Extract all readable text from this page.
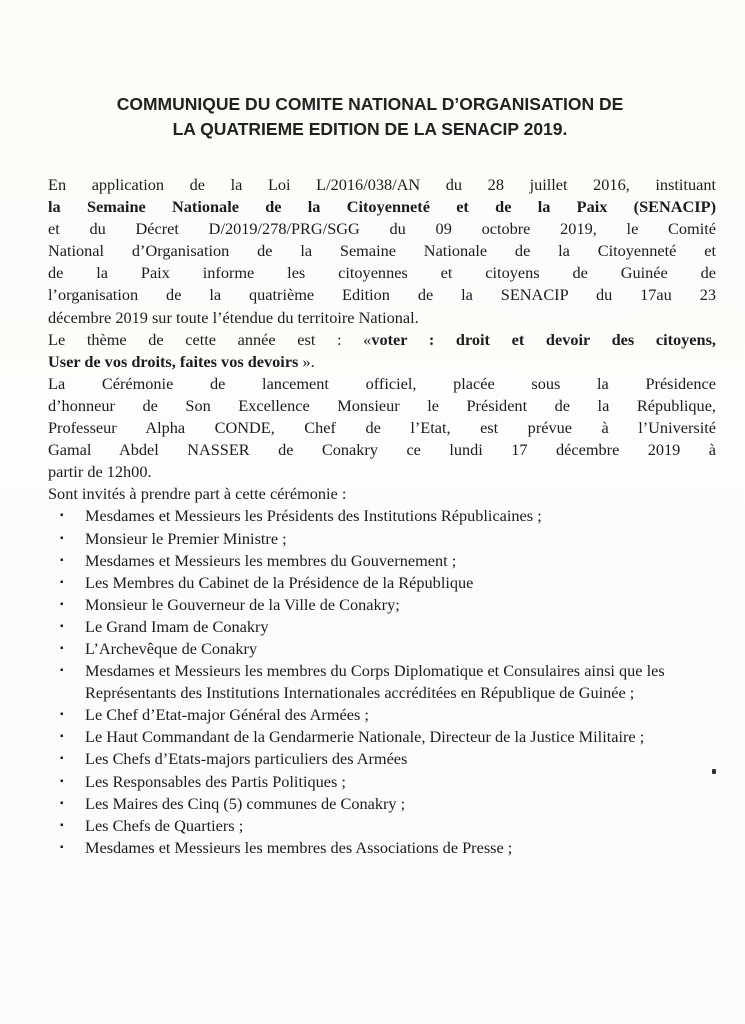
COMMUNIQUE DU COMITE NATIONAL D’ORGANISATION DE
LA QUATRIEME EDITION DE LA SENACIP 2019.
En application de la Loi L/2016/038/AN du 28 juillet 2016, instituant
la Semaine Nationale de la Citoyenneté et de la Paix (SENACIP)
et du Décret D/2019/278/PRG/SGG du 09 octobre 2019, le Comité
National d’Organisation de la Semaine Nationale de la Citoyenneté et
de la Paix informe les citoyennes et citoyens de Guinée de
l’organisation de la quatrième Edition de la SENACIP du 17au 23
décembre 2019 sur toute l’étendue du territoire National.
Le thème de cette année est : «voter : droit et devoir des citoyens,
User de vos droits, faites vos devoirs ».
La Cérémonie de lancement officiel, placée sous la Présidence
d’honneur de Son Excellence Monsieur le Président de la République,
Professeur Alpha CONDE, Chef de l’Etat, est prévue à l’Université
Gamal Abdel NASSER de Conakry ce lundi 17 décembre 2019 à
partir de 12h00.
Sont invités à prendre part à cette cérémonie :
▪ Mesdames et Messieurs les Présidents des Institutions Républicaines ;
▪ Monsieur le Premier Ministre ;
▪ Mesdames et Messieurs les membres du Gouvernement ;
▪ Les Membres du Cabinet de la Présidence de la République
▪ Monsieur le Gouverneur de la Ville de Conakry;
▪ Le Grand Imam de Conakry
▪ L’Archevêque de Conakry
▪ Mesdames et Messieurs les membres du Corps Diplomatique et Consulaires ainsi que les Représentants des Institutions Internationales accréditées en République de Guinée ;
▪ Le Chef d’Etat-major Général des Armées ;
▪ Le Haut Commandant de la Gendarmerie Nationale, Directeur de la Justice Militaire ;
▪ Les Chefs d’Etats-majors particuliers des Armées
▪ Les Responsables des Partis Politiques ;
▪ Les Maires des Cinq (5) communes de Conakry ;
▪ Les Chefs de Quartiers ;
▪ Mesdames et Messieurs les membres des Associations de Presse ;
